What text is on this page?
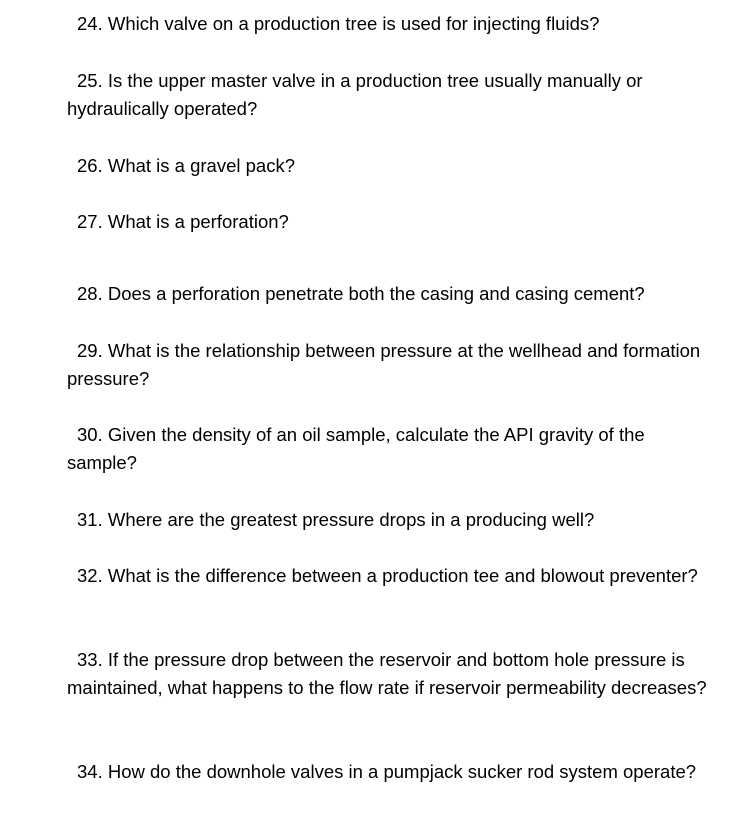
24. Which valve on a production tree is used for injecting fluids?

25. Is the upper master valve in a production tree usually manually or hydraulically operated?

26. What is a gravel pack?

27. What is a perforation?

28. Does a perforation penetrate both the casing and casing cement?

29. What is the relationship between pressure at the wellhead and formation pressure?

30. Given the density of an oil sample, calculate the API gravity of the sample?

31. Where are the greatest pressure drops in a producing well?

32. What is the difference between a production tee and blowout preventer?

33. If the pressure drop between the reservoir and bottom hole pressure is maintained, what happens to the flow rate if reservoir permeability decreases?

34. How do the downhole valves in a pumpjack sucker rod system operate?
